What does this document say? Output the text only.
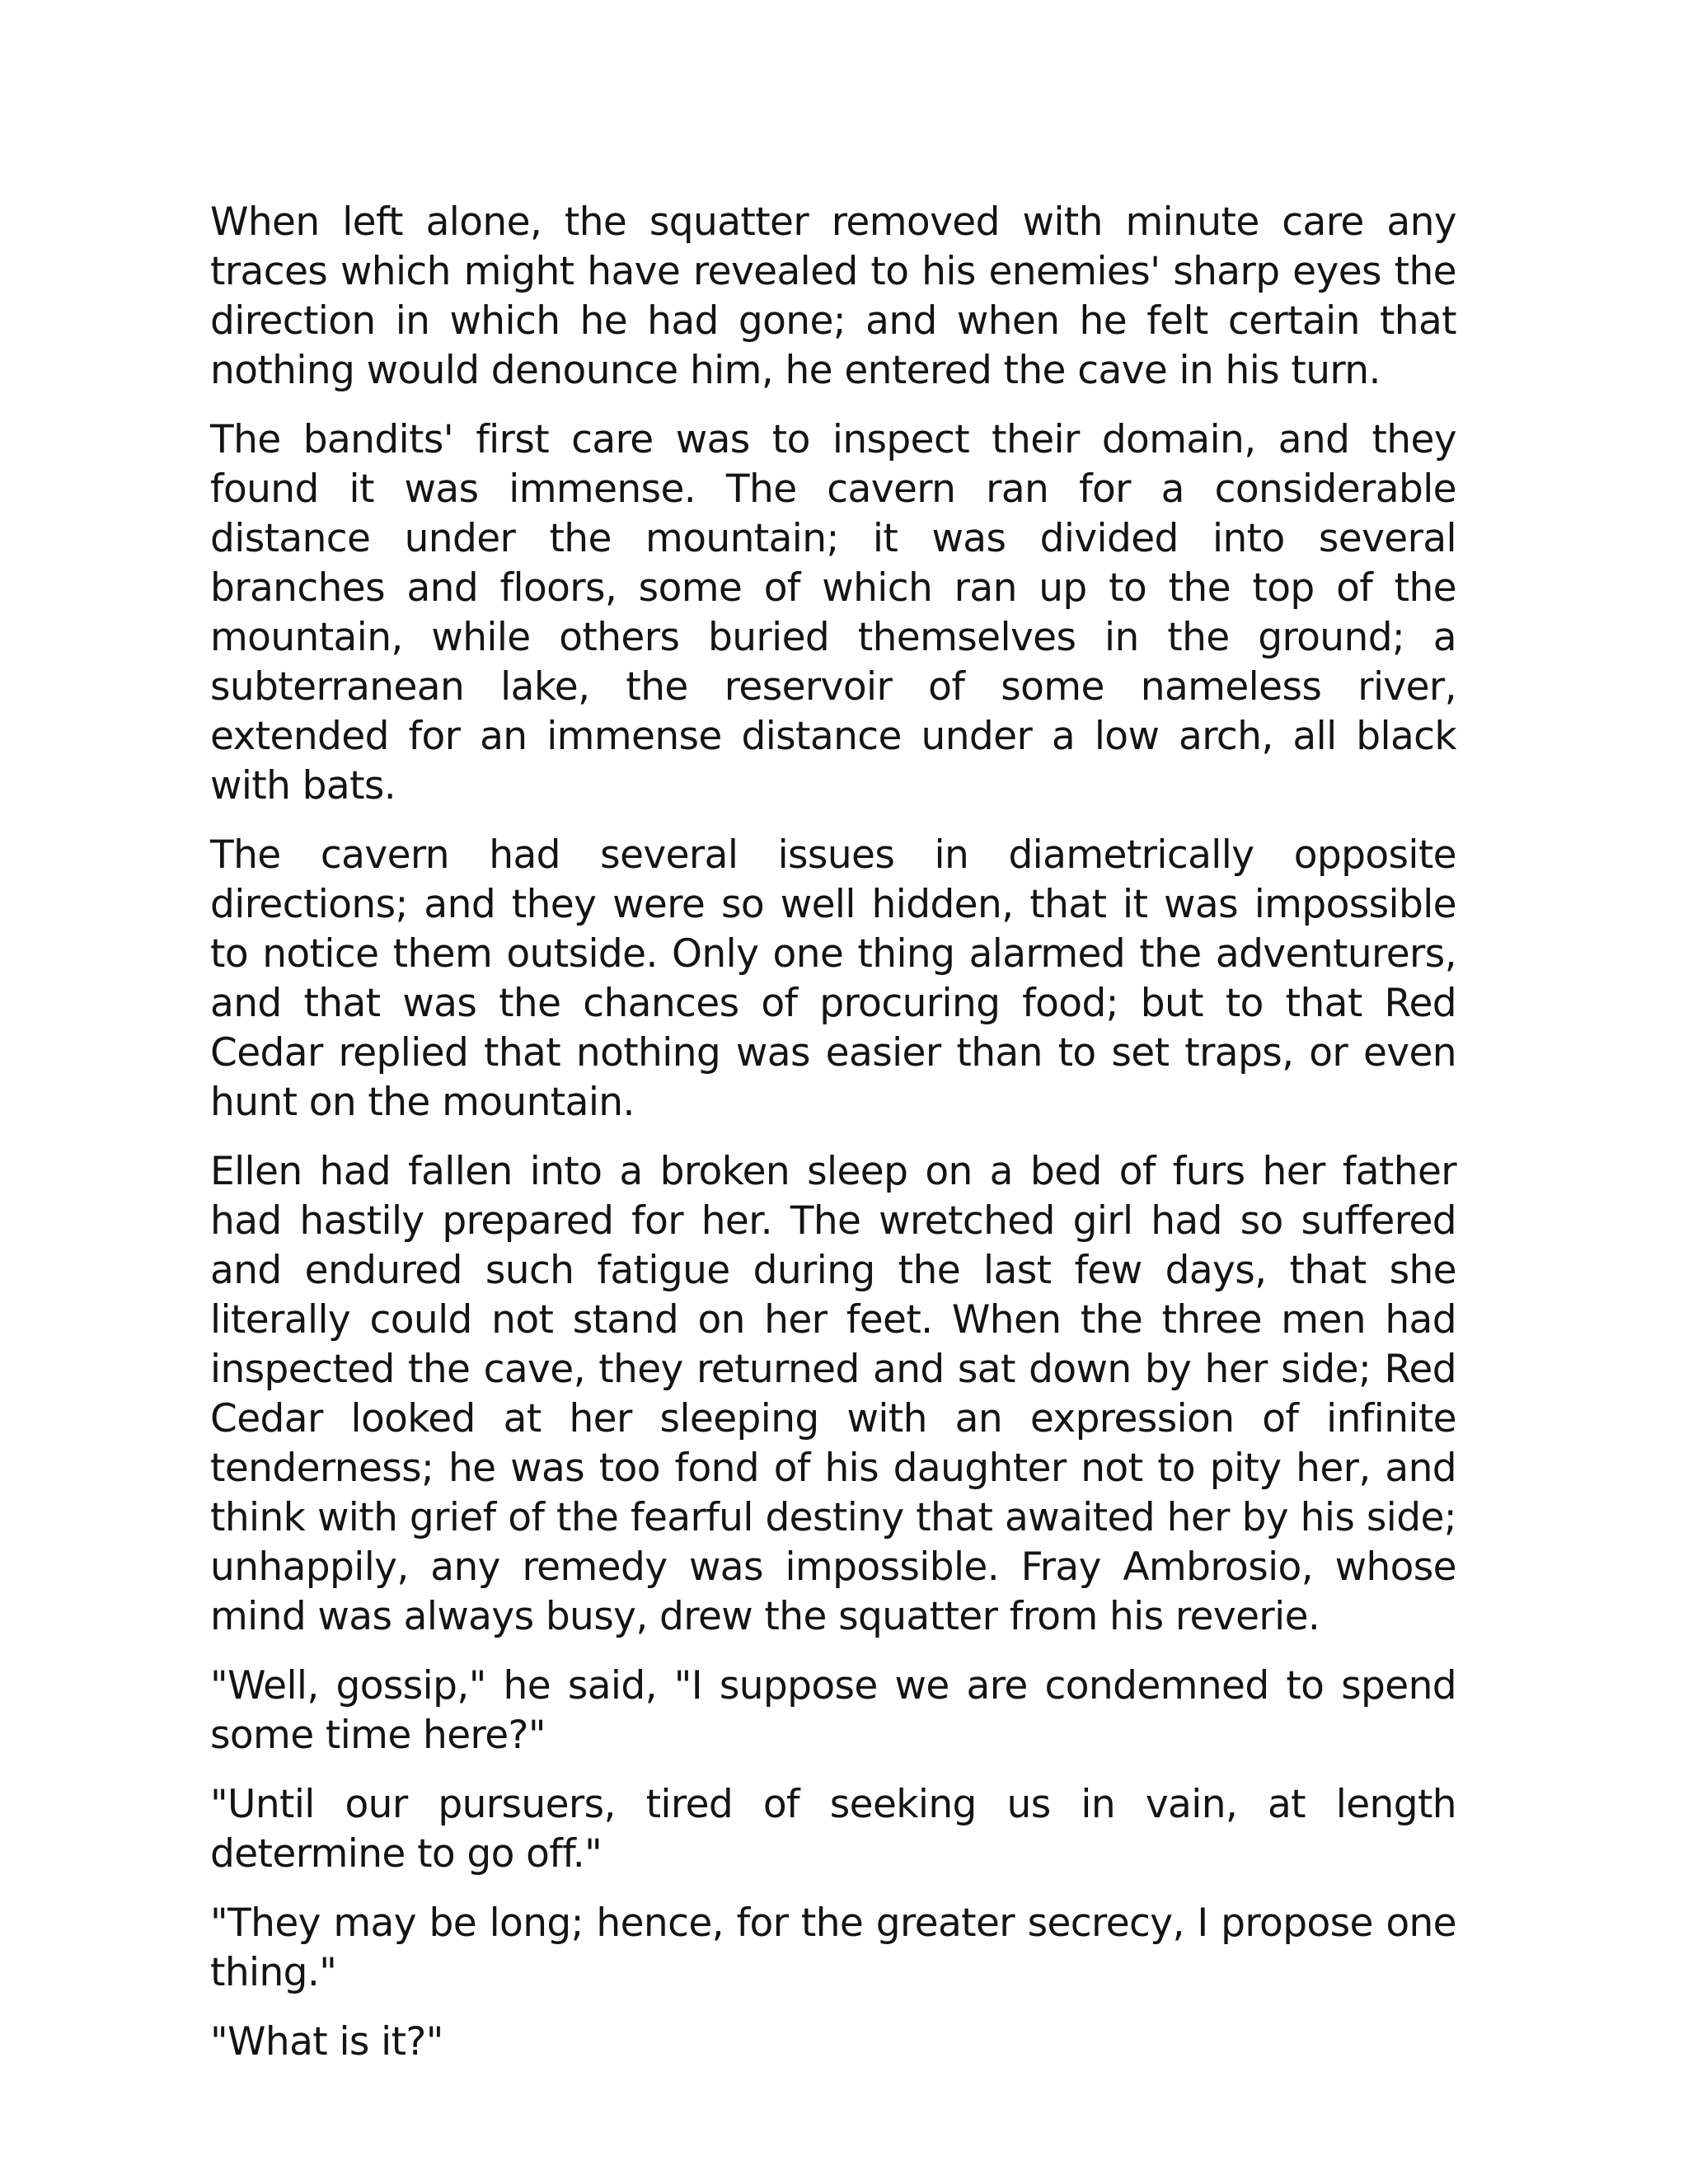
When left alone, the squatter removed with minute care any traces which might have revealed to his enemies' sharp eyes the direction in which he had gone; and when he felt certain that nothing would denounce him, he entered the cave in his turn.

The bandits' first care was to inspect their domain, and they found it was immense. The cavern ran for a considerable distance under the mountain; it was divided into several branches and floors, some of which ran up to the top of the mountain, while others buried themselves in the ground; a subterranean lake, the reservoir of some nameless river, extended for an immense distance under a low arch, all black with bats.

The cavern had several issues in diametrically opposite directions; and they were so well hidden, that it was impossible to notice them outside. Only one thing alarmed the adventurers, and that was the chances of procuring food; but to that Red Cedar replied that nothing was easier than to set traps, or even hunt on the mountain.

Ellen had fallen into a broken sleep on a bed of furs her father had hastily prepared for her. The wretched girl had so suffered and endured such fatigue during the last few days, that she literally could not stand on her feet. When the three men had inspected the cave, they returned and sat down by her side; Red Cedar looked at her sleeping with an expression of infinite tenderness; he was too fond of his daughter not to pity her, and think with grief of the fearful destiny that awaited her by his side; unhappily, any remedy was impossible. Fray Ambrosio, whose mind was always busy, drew the squatter from his reverie.

"Well, gossip," he said, "I suppose we are condemned to spend some time here?"

"Until our pursuers, tired of seeking us in vain, at length determine to go off."

"They may be long; hence, for the greater secrecy, I propose one thing."

"What is it?"
